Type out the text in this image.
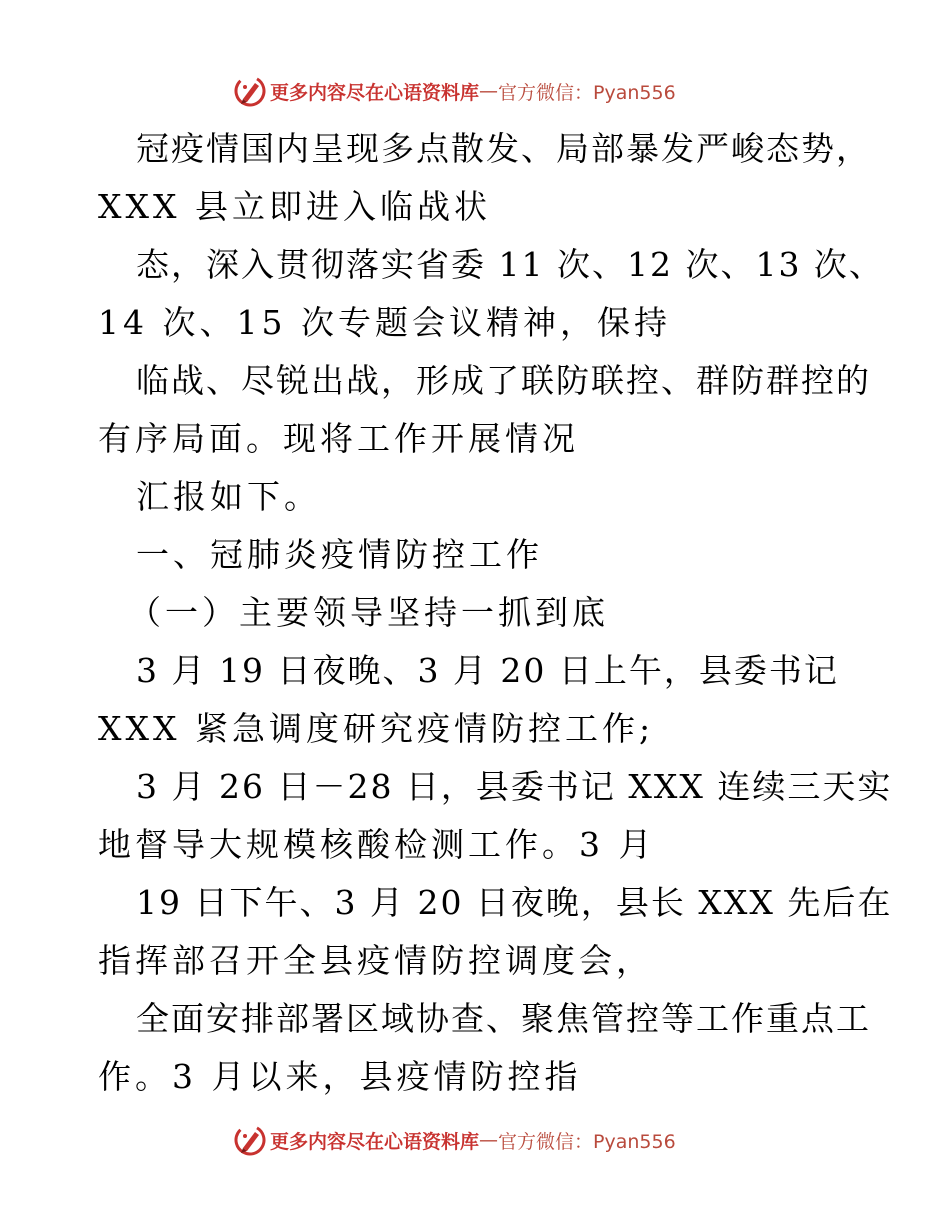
更多内容尽在心语资料库 — 官方微信：Pyan556
冠疫情国内呈现多点散发、局部暴发严峻态势，
XXX 县立即进入临战状
态，深入贯彻落实省委 11 次、12 次、13 次、
14 次、15 次专题会议精神，保持
临战、尽锐出战，形成了联防联控、群防群控的
有序局面。现将工作开展情况
汇报如下。
一、冠肺炎疫情防控工作
（一）主要领导坚持一抓到底
3 月 19 日夜晚、3 月 20 日上午，县委书记
XXX 紧急调度研究疫情防控工作;
3 月 26 日－28 日，县委书记 XXX 连续三天实
地督导大规模核酸检测工作。3 月
19 日下午、3 月 20 日夜晚，县长 XXX 先后在
指挥部召开全县疫情防控调度会，
全面安排部署区域协查、聚焦管控等工作重点工
作。3 月以来，县疫情防控指
更多内容尽在心语资料库 — 官方微信：Pyan556
